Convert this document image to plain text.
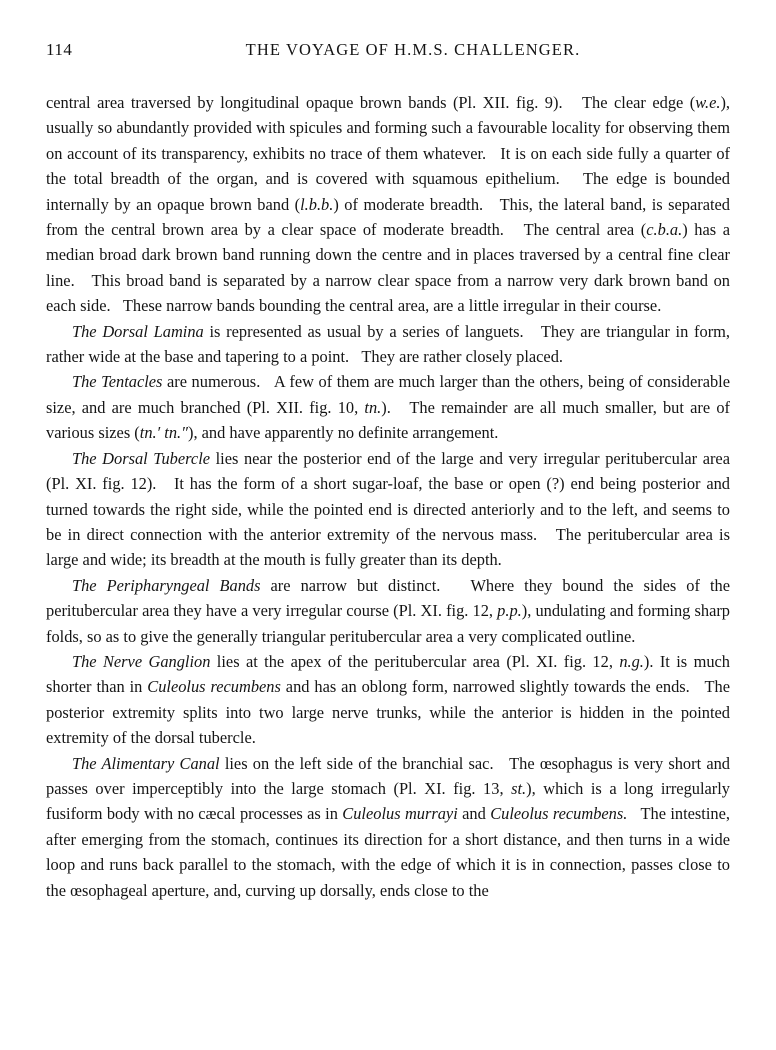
114	THE VOYAGE OF H.M.S. CHALLENGER.

central area traversed by longitudinal opaque brown bands (Pl. XII. fig. 9).   The clear edge (w.e.), usually so abundantly provided with spicules and forming such a favourable locality for observing them on account of its transparency, exhibits no trace of them whatever.   It is on each side fully a quarter of the total breadth of the organ, and is covered with squamous epithelium.   The edge is bounded internally by an opaque brown band (l.b.b.) of moderate breadth.   This, the lateral band, is separated from the central brown area by a clear space of moderate breadth.   The central area (c.b.a.) has a median broad dark brown band running down the centre and in places traversed by a central fine clear line.   This broad band is separated by a narrow clear space from a narrow very dark brown band on each side.   These narrow bands bounding the central area, are a little irregular in their course.

The Dorsal Lamina is represented as usual by a series of languets.   They are triangular in form, rather wide at the base and tapering to a point.   They are rather closely placed.

The Tentacles are numerous.   A few of them are much larger than the others, being of considerable size, and are much branched (Pl. XII. fig. 10, tn.).   The remainder are all much smaller, but are of various sizes (tn.′ tn.″), and have apparently no definite arrangement.

The Dorsal Tubercle lies near the posterior end of the large and very irregular peritubercular area (Pl. XI. fig. 12).   It has the form of a short sugar-loaf, the base or open (?) end being posterior and turned towards the right side, while the pointed end is directed anteriorly and to the left, and seems to be in direct connection with the anterior extremity of the nervous mass.   The peritubercular area is large and wide; its breadth at the mouth is fully greater than its depth.

The Peripharyngeal Bands are narrow but distinct.   Where they bound the sides of the peritubercular area they have a very irregular course (Pl. XI. fig. 12, p.p.), undulating and forming sharp folds, so as to give the generally triangular peritubercular area a very complicated outline.

The Nerve Ganglion lies at the apex of the peritubercular area (Pl. XI. fig. 12, n.g.). It is much shorter than in Culeolus recumbens and has an oblong form, narrowed slightly towards the ends.   The posterior extremity splits into two large nerve trunks, while the anterior is hidden in the pointed extremity of the dorsal tubercle.

The Alimentary Canal lies on the left side of the branchial sac.   The œsophagus is very short and passes over imperceptibly into the large stomach (Pl. XI. fig. 13, st.), which is a long irregularly fusiform body with no cæcal processes as in Culeolus murrayi and Culeolus recumbens.   The intestine, after emerging from the stomach, continues its direction for a short distance, and then turns in a wide loop and runs back parallel to the stomach, with the edge of which it is in connection, passes close to the œsophageal aperture, and, curving up dorsally, ends close to the
